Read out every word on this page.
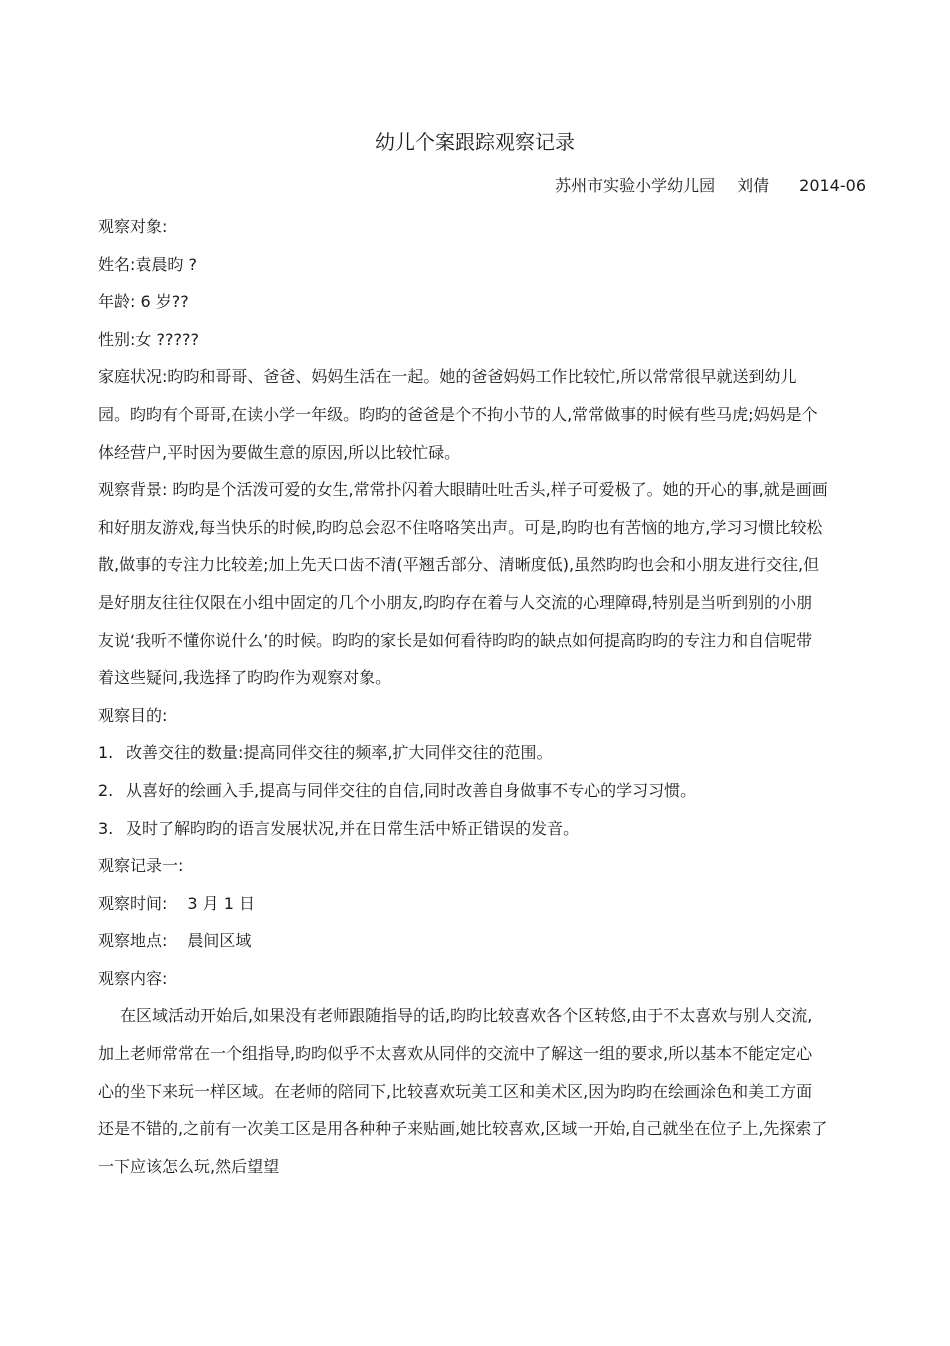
幼儿个案跟踪观察记录
苏州市实验小学幼儿园 刘倩 2014-06

观察对象:

姓名:袁晨昀 ?

年龄: 6 岁??

性别:女 ?????

家庭状况:昀昀和哥哥、爸爸、妈妈生活在一起。她的爸爸妈妈工作比较忙,所以常常很早就送到幼儿园。昀昀有个哥哥,在读小学一年级。昀昀的爸爸是个不拘小节的人,常常做事的时候有些马虎;妈妈是个体经营户,平时因为要做生意的原因,所以比较忙碌。

观察背景: 昀昀是个活泼可爱的女生,常常扑闪着大眼睛吐吐舌头,样子可爱极了。她的开心的事,就是画画和好朋友游戏,每当快乐的时候,昀昀总会忍不住咯咯笑出声。可是,昀昀也有苦恼的地方,学习习惯比较松散,做事的专注力比较差;加上先天口齿不清(平翘舌部分、清晰度低),虽然昀昀也会和小朋友进行交往,但是好朋友往往仅限在小组中固定的几个小朋友,昀昀存在着与人交流的心理障碍,特别是当听到别的小朋友说‘我听不懂你说什么’的时候。昀昀的家长是如何看待昀昀的缺点如何提高昀昀的专注力和自信呢带着这些疑问,我选择了昀昀作为观察对象。

观察目的:

1. 改善交往的数量:提高同伴交往的频率,扩大同伴交往的范围。

2. 从喜好的绘画入手,提高与同伴交往的自信,同时改善自身做事不专心的学习习惯。

3. 及时了解昀昀的语言发展状况,并在日常生活中矫正错误的发音。

观察记录一:

观察时间: 3 月 1 日

观察地点: 晨间区域

观察内容:

在区域活动开始后,如果没有老师跟随指导的话,昀昀比较喜欢各个区转悠,由于不太喜欢与别人交流,加上老师常常在一个组指导,昀昀似乎不太喜欢从同伴的交流中了解这一组的要求,所以基本不能定定心心的坐下来玩一样区域。在老师的陪同下,比较喜欢玩美工区和美术区,因为昀昀在绘画涂色和美工方面还是不错的,之前有一次美工区是用各种种子来贴画,她比较喜欢,区域一开始,自己就坐在位子上,先探索了一下应该怎么玩,然后望望
